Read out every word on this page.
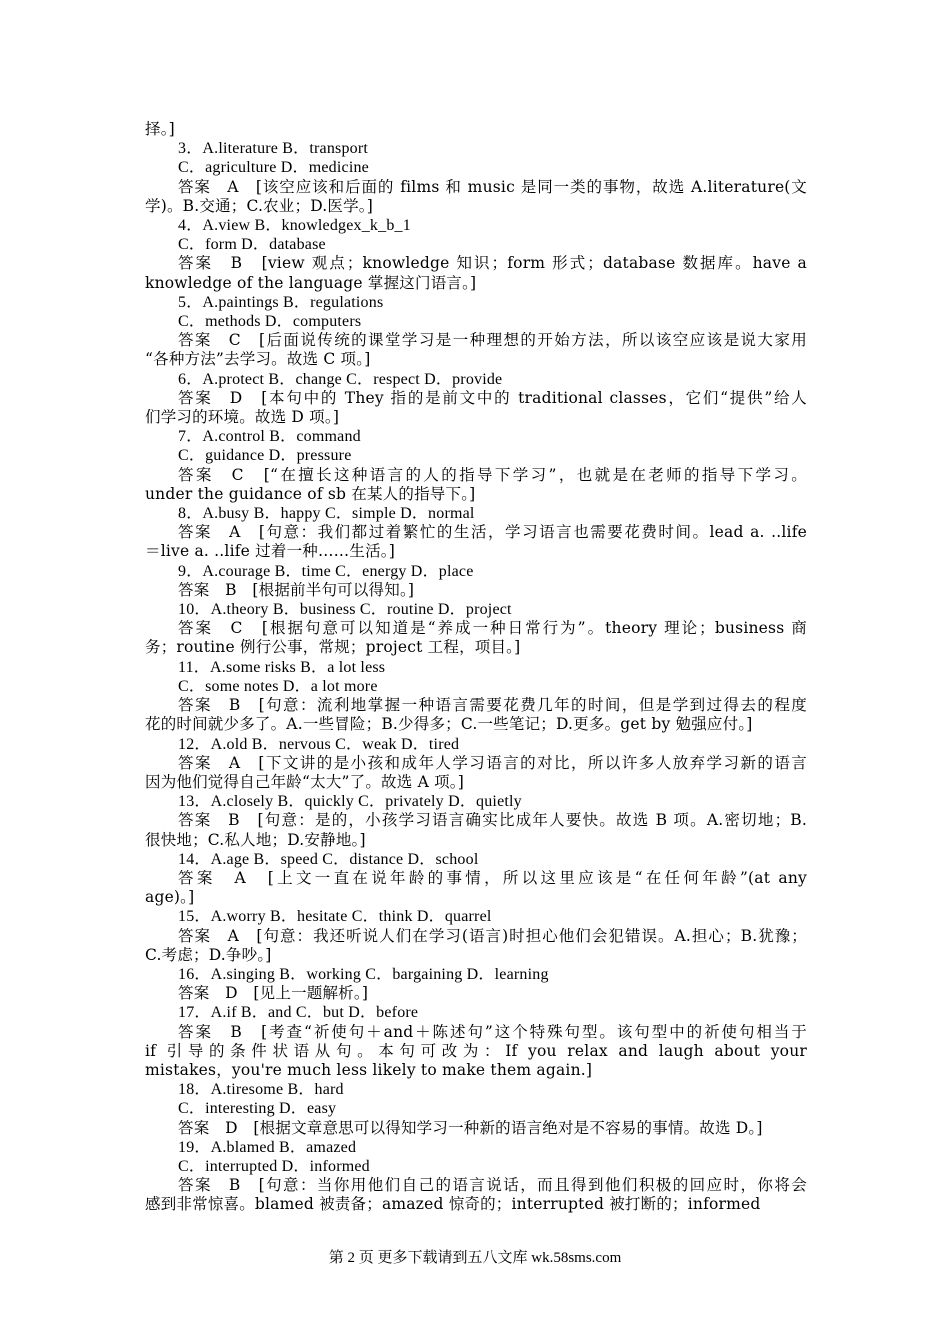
择。]
3．A.literature B．transport
C．agriculture D．medicine
答案　A　[该空应该和后面的 films 和 music 是同一类的事物，故选 A.literature(文
学)。B.交通；C.农业；D.医学。]
4．A.view B．knowledgex_k_b_1
C．form D．database
答案　B　[view 观点；knowledge 知识；form 形式；database 数据库。have a
knowledge of the language 掌握这门语言。]
5．A.paintings B．regulations
C．methods D．computers
答案　C　[后面说传统的课堂学习是一种理想的开始方法，所以该空应该是说大家用
“各种方法”去学习。故选 C 项。]
6．A.protect B．change C．respect D．provide
答案　D　[本句中的 They 指的是前文中的 traditional classes，它们“提供”给人
们学习的环境。故选 D 项。]
7．A.control B．command
C．guidance D．pressure
答案　C　[“在擅长这种语言的人的指导下学习”，也就是在老师的指导下学习。
under the guidance of sb 在某人的指导下。]
8．A.busy B．happy C．simple D．normal
答案　A　[句意：我们都过着繁忙的生活，学习语言也需要花费时间。lead a. ..life
＝live a. ..life 过着一种……生活。]
9．A.courage B．time C．energy D．place
答案　B　[根据前半句可以得知。]
10．A.theory B．business C．routine D．project
答案　C　[根据句意可以知道是“养成一种日常行为”。theory 理论；business 商
务；routine 例行公事，常规；project 工程，项目。]
11．A.some risks B．a lot less
C．some notes D．a lot more
答案　B　[句意：流利地掌握一种语言需要花费几年的时间，但是学到过得去的程度
花的时间就少多了。A.一些冒险；B.少得多；C.一些笔记；D.更多。get by 勉强应付。]
12．A.old B．nervous C．weak D．tired
答案　A　[下文讲的是小孩和成年人学习语言的对比，所以许多人放弃学习新的语言
因为他们觉得自己年龄“太大”了。故选 A 项。]
13．A.closely B．quickly C．privately D．quietly
答案　B　[句意：是的，小孩学习语言确实比成年人要快。故选 B 项。A.密切地；B.
很快地；C.私人地；D.安静地。]
14．A.age B．speed C．distance D．school
答案　A　[上文一直在说年龄的事情，所以这里应该是“在任何年龄”(at any
age)。]
15．A.worry B．hesitate C．think D．quarrel
答案　A　[句意：我还听说人们在学习(语言)时担心他们会犯错误。A.担心；B.犹豫；
C.考虑；D.争吵。]
16．A.singing B．working C．bargaining D．learning
答案　D　[见上一题解析。]
17．A.if B．and C．but D．before
答案　B　[考查“祈使句＋and＋陈述句”这个特殊句型。该句型中的祈使句相当于
if 引导的条件状语从句。本句可改为：If you relax and laugh about your
mistakes，you're much less likely to make them again.]
18．A.tiresome B．hard
C．interesting D．easy
答案　D　[根据文章意思可以得知学习一种新的语言绝对是不容易的事情。故选 D。]
19．A.blamed B．amazed
C．interrupted D．informed
答案　B　[句意：当你用他们自己的语言说话，而且得到他们积极的回应时，你将会
感到非常惊喜。blamed 被责备；amazed 惊奇的；interrupted 被打断的；informed
第 2 页 更多下载请到五八文库 wk.58sms.com
